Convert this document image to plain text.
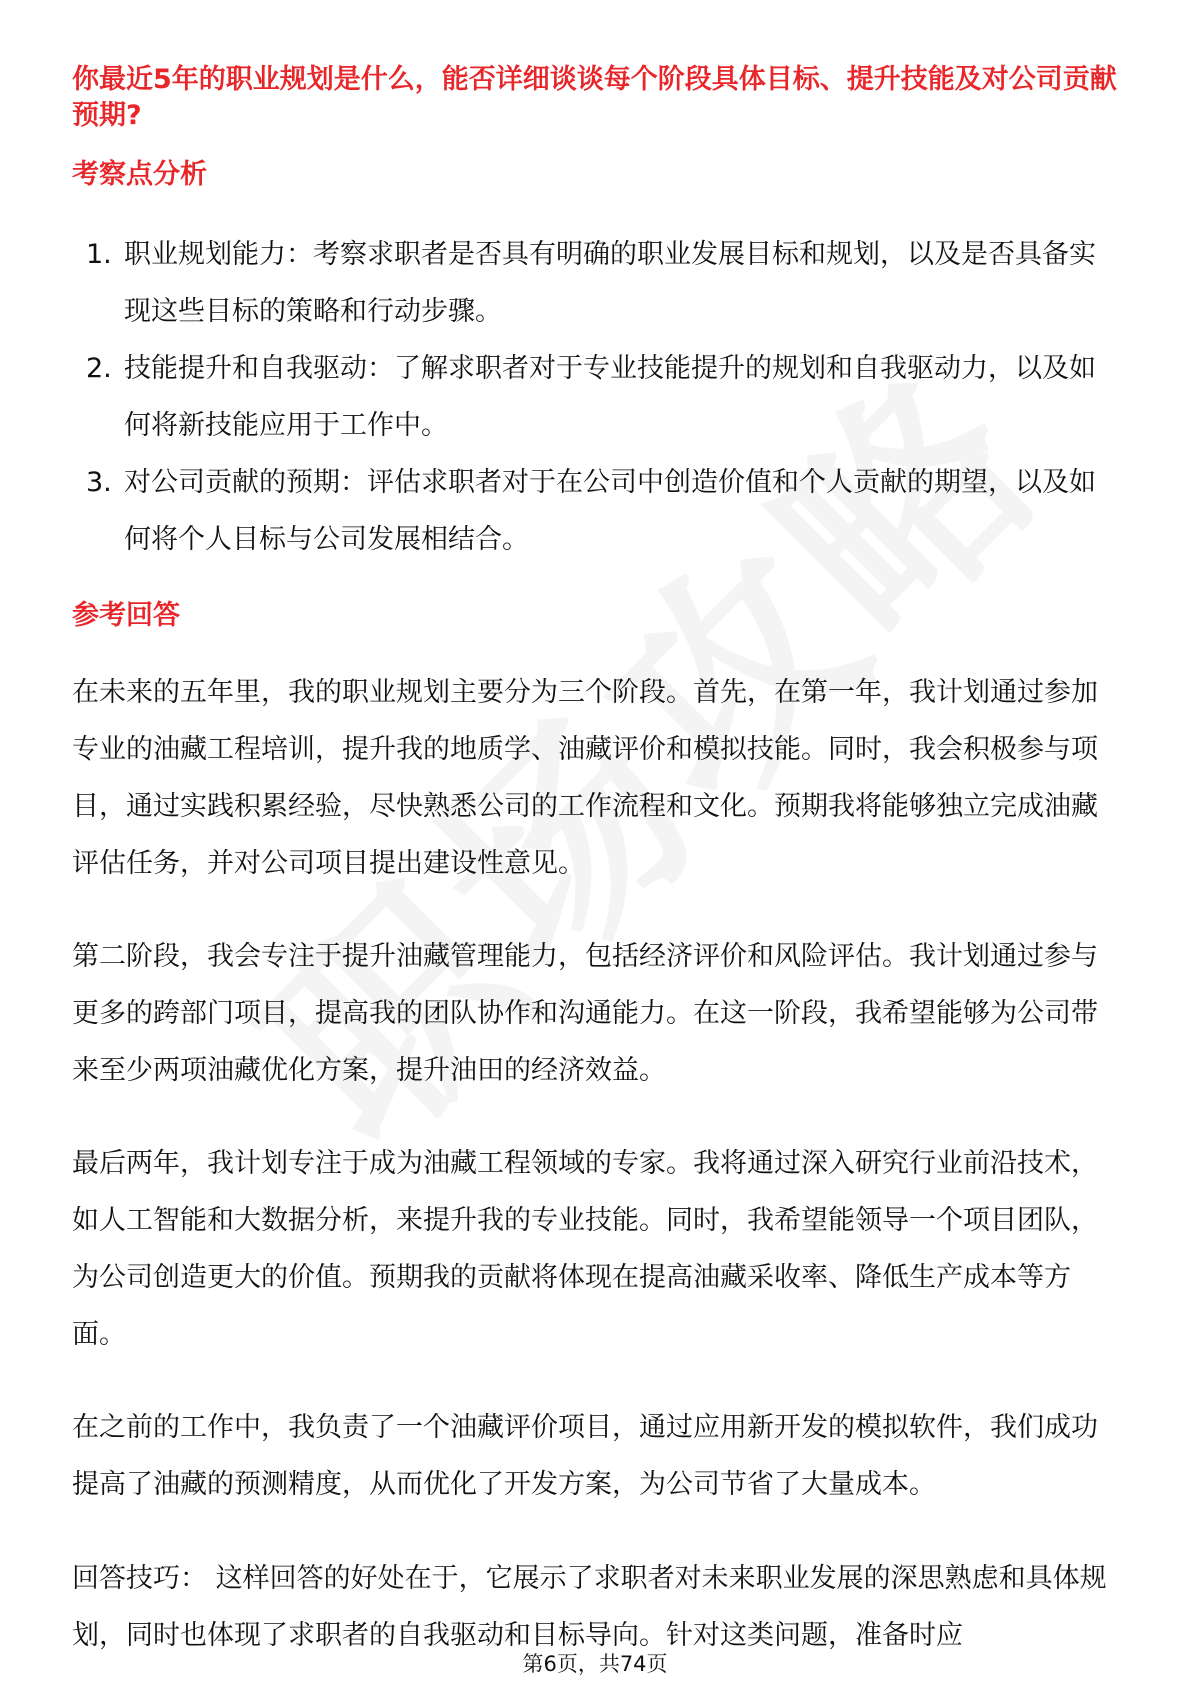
你最近5年的职业规划是什么，能否详细谈谈每个阶段具体目标、提升技能及对公司贡献预期?
考察点分析
1. 职业规划能力：考察求职者是否具有明确的职业发展目标和规划，以及是否具备实现这些目标的策略和行动步骤。
2. 技能提升和自我驱动：了解求职者对于专业技能提升的规划和自我驱动力，以及如何将新技能应用于工作中。
3. 对公司贡献的预期：评估求职者对于在公司中创造价值和个人贡献的期望，以及如何将个人目标与公司发展相结合。
参考回答

在未来的五年里，我的职业规划主要分为三个阶段。首先，在第一年，我计划通过参加专业的油藏工程培训，提升我的地质学、油藏评价和模拟技能。同时，我会积极参与项目，通过实践积累经验，尽快熟悉公司的工作流程和文化。预期我将能够独立完成油藏评估任务，并对公司项目提出建设性意见。

第二阶段，我会专注于提升油藏管理能力，包括经济评价和风险评估。我计划通过参与更多的跨部门项目，提高我的团队协作和沟通能力。在这一阶段，我希望能够为公司带来至少两项油藏优化方案，提升油田的经济效益。

最后两年，我计划专注于成为油藏工程领域的专家。我将通过深入研究行业前沿技术，如人工智能和大数据分析，来提升我的专业技能。同时，我希望能领导一个项目团队，为公司创造更大的价值。预期我的贡献将体现在提高油藏采收率、降低生产成本等方面。

在之前的工作中，我负责了一个油藏评价项目，通过应用新开发的模拟软件，我们成功提高了油藏的预测精度，从而优化了开发方案，为公司节省了大量成本。

回答技巧： 这样回答的好处在于，它展示了求职者对未来职业发展的深思熟虑和具体规划，同时也体现了求职者的自我驱动和目标导向。针对这类问题，准备时应

第6页，共74页
